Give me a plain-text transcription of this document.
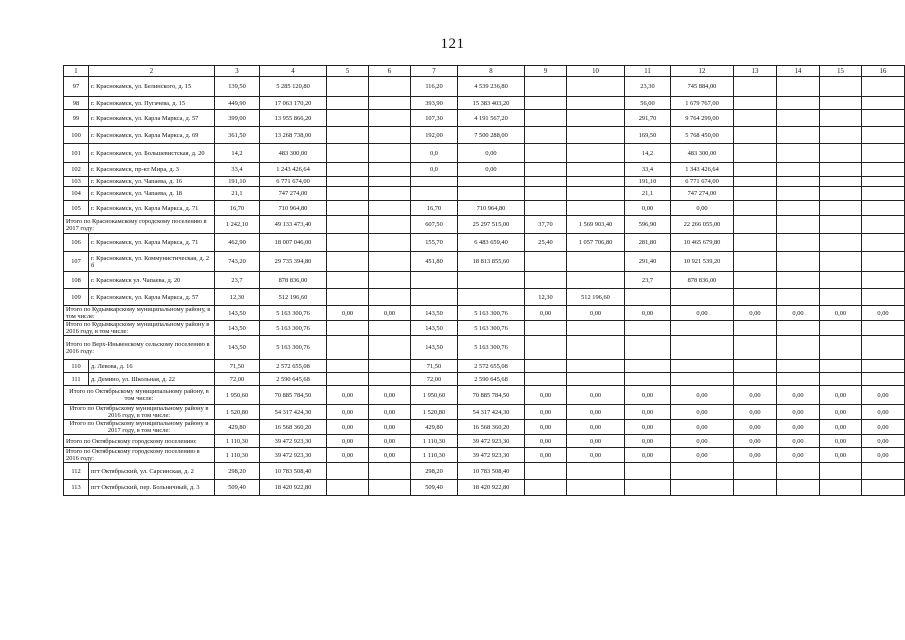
121
1	2	3	4	5	6	7	8	9	10	11	12	13	14	15	16
97	г. Краснокамск, ул. Белинского, д. 15	139,50	5 285 120,80			116,20	4 539 236,80			23,30	745 884,00				
98	г. Краснокамск, ул. Пугачева, д. 15	449,90	17 063 170,20			393,90	15 383 403,20			56,00	1 679 767,00				
99	г. Краснокамск, ул. Карла Маркса, д. 57	399,00	13 955 866,20			107,30	4 191 567,20			291,70	9 764 299,00				
100	г. Краснокамск, ул. Карла Маркса, д. 69	361,50	13 268 738,00			192,00	7 500 288,00			169,50	5 768 450,00				
101	г. Краснокамск, ул. Большевистская, д. 20	14,2	483 300,00			0,0	0,00			14,2	483 300,00				
102	г. Краснокамск, пр-кт Мира, д. 3	33,4	1 243 426,64			0,0	0,00			33,4	1 343 426,64				
103	г. Краснокамск, ул. Чапаева, д. 16	191,10	6 771 674,00							191,10	6 771 674,00				
104	г. Краснокамск, ул. Чапаева, д. 18	21,1	747 274,00							21,1	747 274,00				
105	г. Краснокамск, ул. Карла Маркса, д. 71	16,70	710 964,80			16,70	710 964,80			0,00	0,00				
Итого по Краснокамскому городскому поселению в 2017 году:		1 242,10	49 133 473,40			607,50	25 297 515,00	37,70	1 569 903,40	596,90	22 266 055,00				
106	г. Краснокамск, ул. Карла Маркса, д. 71	462,90	18 007 046,00			155,70	6 483 659,40	25,40	1 057 706,80	281,80	10 465 679,80				
107	г. Краснокамск, ул. Коммунистическая, д. 2 б	743,20	29 735 394,80			451,80	18 813 855,60			291,40	10 921 539,20				
108	г. Краснокамск ул. Чапаева, д. 20	23,7	878 836,00							23,7	878 836,00				
109	г. Краснокамск, ул. Карла Маркса, д. 57	12,30	512 196,60					12,30	512 196,60						
Итого по Кудымкарскому муниципальному району, в том числе:		143,50	5 163 300,76	0,00	0,00	143,50	5 163 300,76	0,00	0,00	0,00	0,00	0,00	0,00	0,00	0,00
Итого по Кудымкарскому муниципальному району в 2016 году, в том числе:		143,50	5 163 300,76			143,50	5 163 300,76								
Итого по Верх-Иньвенскому сельскому поселению в 2016 году:		143,50	5 163 300,76			143,50	5 163 300,76								
110	д. Левова, д. 16	71,50	2 572 655,08			71,50	2 572 655,08								
111	д. Демино, ул. Школьная, д. 22	72,00	2 590 645,68			72,00	2 590 645,68								
Итого по Октябрьскому муниципальному району, в том числе:		1 950,60	70 885 784,50	0,00	0,00	1 950,60	70 885 784,50	0,00	0,00	0,00	0,00	0,00	0,00	0,00	0,00
Итого по Октябрьскому муниципальному району в 2016 году, в том числе:		1 520,80	54 317 424,30	0,00	0,00	1 520,80	54 317 424,30	0,00	0,00	0,00	0,00	0,00	0,00	0,00	0,00
Итого по Октябрьскому муниципальному району в 2017 году, в том числе:		429,80	16 568 360,20	0,00	0,00	429,80	16 568 360,20	0,00	0,00	0,00	0,00	0,00	0,00	0,00	0,00
Итого по Октябрьскому городскому поселению:		1 110,30	39 472 923,30	0,00	0,00	1 110,30	39 472 923,30	0,00	0,00	0,00	0,00	0,00	0,00	0,00	0,00
Итого по Октябрьскому городскому поселению в 2016 году:		1 110,30	39 472 923,30	0,00	0,00	1 110,30	39 472 923,30	0,00	0,00	0,00	0,00	0,00	0,00	0,00	0,00
112	пгт Октябрьский, ул. Сарсинская, д. 2	298,20	10 783 508,40			298,20	10 783 508,40								
113	пгт Октябрьский, пер. Больничный, д. 3	509,40	18 420 922,80			509,40	18 420 922,80								
